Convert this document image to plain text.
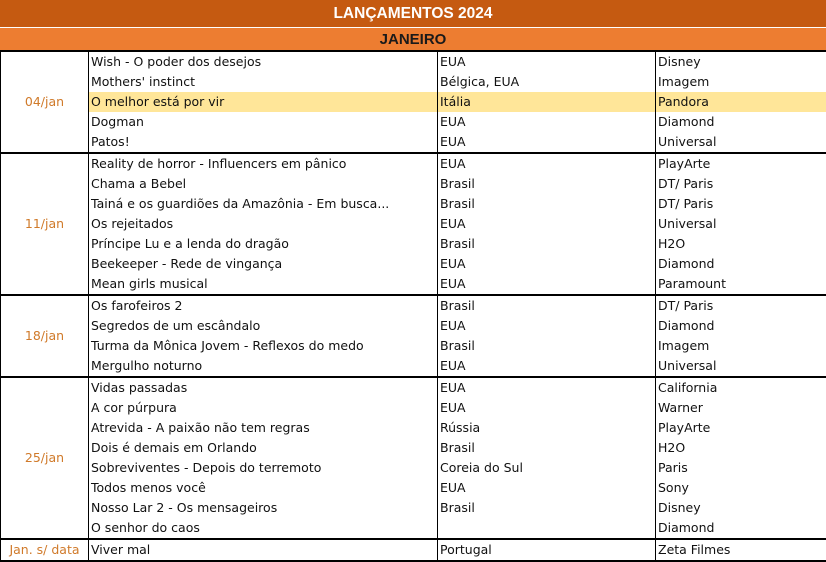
LANÇAMENTOS 2024
JANEIRO
04/jan	Wish - O poder dos desejos	EUA	Disney
	Mothers' instinct	Bélgica, EUA	Imagem
	O melhor está por vir	Itália	Pandora
	Dogman	EUA	Diamond
	Patos!	EUA	Universal
11/jan	Reality de horror - Influencers em pânico	EUA	PlayArte
	Chama a Bebel	Brasil	DT/ Paris
	Tainá e os guardiões da Amazônia - Em busca...	Brasil	DT/ Paris
	Os rejeitados	EUA	Universal
	Príncipe Lu e a lenda do dragão	Brasil	H2O
	Beekeeper - Rede de vingança	EUA	Diamond
	Mean girls musical	EUA	Paramount
18/jan	Os farofeiros 2	Brasil	DT/ Paris
	Segredos de um escândalo	EUA	Diamond
	Turma da Mônica Jovem - Reflexos do medo	Brasil	Imagem
	Mergulho noturno	EUA	Universal
25/jan	Vidas passadas	EUA	California
	A cor púrpura	EUA	Warner
	Atrevida - A paixão não tem regras	Rússia	PlayArte
	Dois é demais em Orlando	Brasil	H2O
	Sobreviventes - Depois do terremoto	Coreia do Sul	Paris
	Todos menos você	EUA	Sony
	Nosso Lar 2 - Os mensageiros	Brasil	Disney
	O senhor do caos		Diamond
Jan. s/ data	Viver mal	Portugal	Zeta Filmes
